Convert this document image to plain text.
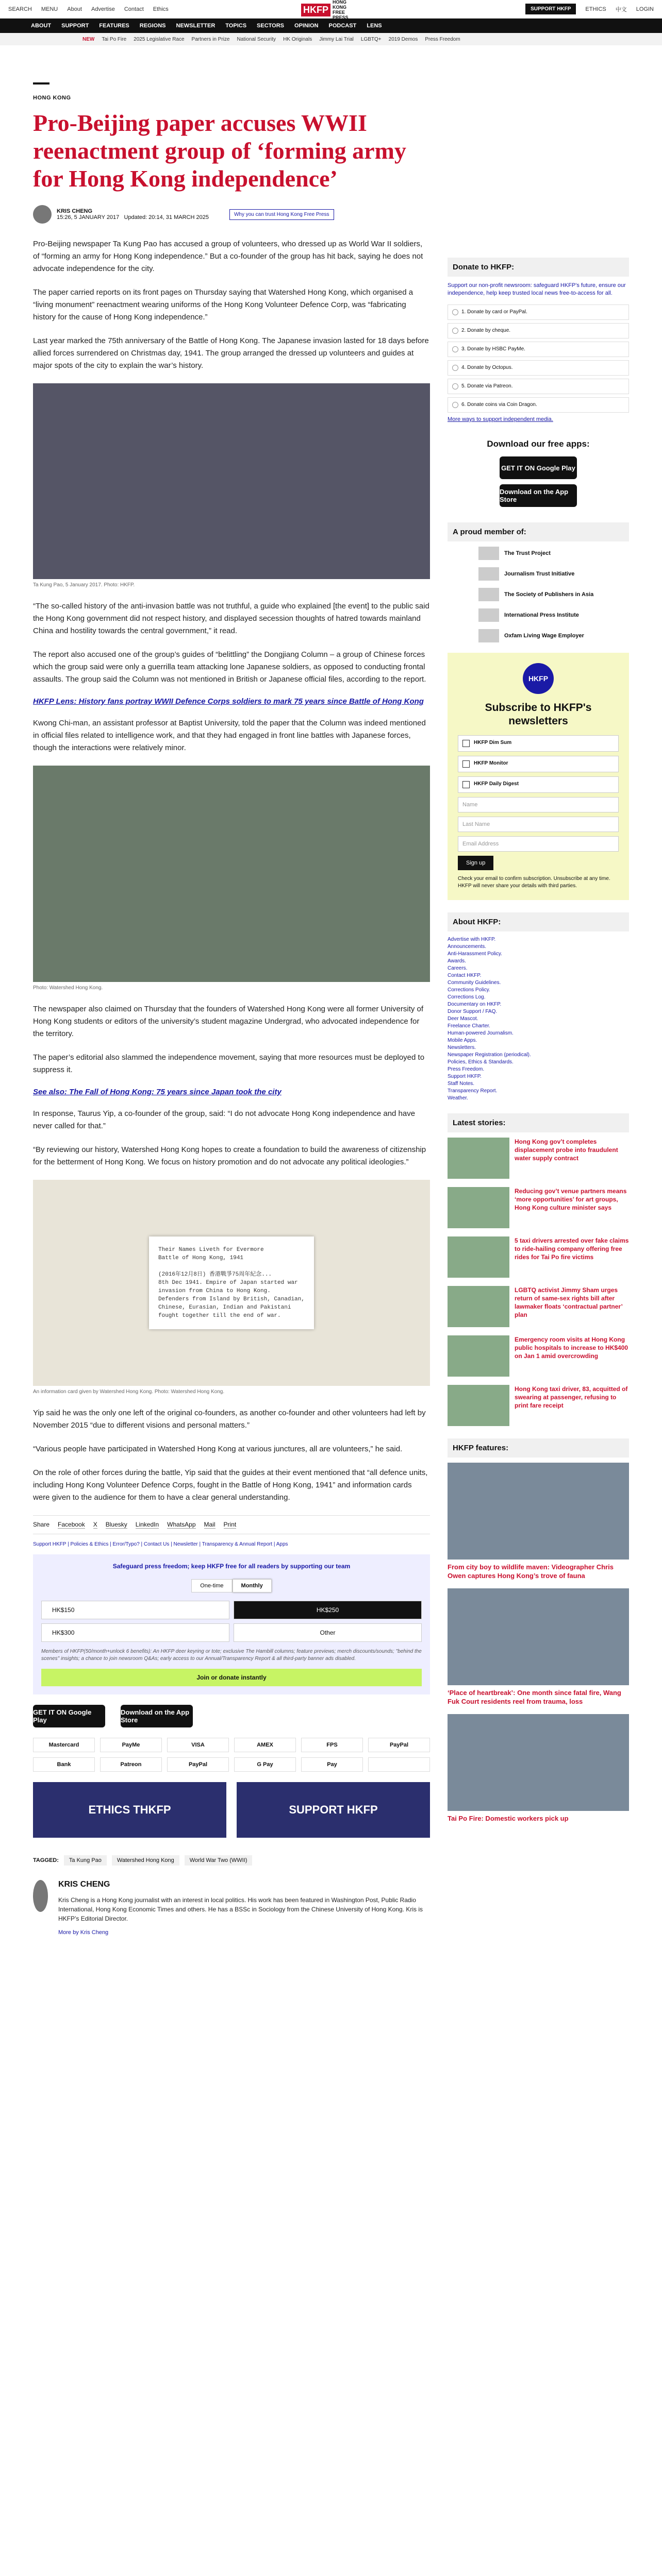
SEARCH MENU About Advertise Contact Ethics	SUPPORT HKFP	ETHICS 中文 LOGIN
HKFP
HONG KONG
FREE PRESS
ABOUT SUPPORT FEATURES REGIONS NEWSLETTER TOPICS SECTORS OPINION PODCAST LENS
NEW Tai Po Fire 2025 Legislative Race Partners in Prize National Security HK Originals Jimmy Lai Trial LGBTQ+ 2019 Demos Press Freedom
HONG KONG
Pro-Beijing paper accuses WWII reenactment group of ‘forming army for Hong Kong independence’
KRIS CHENG
15:26, 5 JANUARY 2017 Updated: 20:14, 31 MARCH 2025	Why you can trust Hong Kong Free Press

Pro-Beijing newspaper Ta Kung Pao has accused a group of volunteers, who dressed up as World War II soldiers, of “forming an army for Hong Kong independence.” But a co-founder of the group has hit back, saying he does not advocate independence for the city.

The paper carried reports on its front pages on Thursday saying that Watershed Hong Kong, which organised a “living monument” reenactment wearing uniforms of the Hong Kong Volunteer Defence Corp, was “fabricating history for the cause of Hong Kong independence.”

Last year marked the 75th anniversary of the Battle of Hong Kong. The Japanese invasion lasted for 18 days before allied forces surrendered on Christmas day, 1941. The group arranged the dressed up volunteers and guides at major spots of the city to explain the war’s history.

Ta Kung Pao, 5 January 2017. Photo: HKFP.

“The so-called history of the anti-invasion battle was not truthful, a guide who explained [the event] to the public said the Hong Kong government did not respect history, and displayed secession thoughts of hatred towards mainland China and hostility towards the central government,” it read.

The report also accused one of the group’s guides of “belittling” the Dongjiang Column – a group of Chinese forces which the group said were only a guerrilla team attacking lone Japanese soldiers, as opposed to conducting frontal assaults. The group said the Column was not mentioned in British or Japanese official files, according to the report.

HKFP Lens: History fans portray WWII Defence Corps soldiers to mark 75 years since Battle of Hong Kong

Kwong Chi-man, an assistant professor at Baptist University, told the paper that the Column was indeed mentioned in official files related to intelligence work, and that they had engaged in front line battles with Japanese forces, though the interactions were relatively minor.

Photo: Watershed Hong Kong.

The newspaper also claimed on Thursday that the founders of Watershed Hong Kong were all former University of Hong Kong students or editors of the university’s student magazine Undergrad, who advocated independence for the territory.

The paper’s editorial also slammed the independence movement, saying that more resources must be deployed to suppress it.

See also: The Fall of Hong Kong: 75 years since Japan took the city

In response, Taurus Yip, a co-founder of the group, said: “I do not advocate Hong Kong independence and have never called for that.”

“By reviewing our history, Watershed Hong Kong hopes to create a foundation to build the awareness of citizenship for the betterment of Hong Kong. We focus on history promotion and do not advocate any political ideologies.”

Their Names Liveth for Evermore
Battle of Hong Kong, 1941

(2016年12月8日) 香港戰爭75周年紀念...
8th Dec 1941. Empire of Japan started war
invasion from China to Hong Kong.
Defenders from Island by British, Canadian,
Chinese, Eurasian, Indian and Pakistani
fought together till the end of war.
An information card given by Watershed Hong Kong. Photo: Watershed Hong Kong.

Yip said he was the only one left of the original co-founders, as another co-founder and other volunteers had left by November 2015 “due to different visions and personal matters.”

“Various people have participated in Watershed Hong Kong at various junctures, all are volunteers,” he said.

On the role of other forces during the battle, Yip said that the guides at their event mentioned that “all defence units, including Hong Kong Volunteer Defence Corps, fought in the Battle of Hong Kong, 1941” and information cards were given to the audience for them to have a clear general understanding.

Share Facebook X Bluesky LinkedIn WhatsApp Mail Print
Support HKFP | Policies & Ethics | Error/Typo? | Contact Us | Newsletter | Transparency & Annual Report | Apps
Safeguard press freedom; keep HKFP free for all readers by supporting our team
One-time	Monthly
HK$150	HK$250
HK$300	Other
Members of HKFP(50/month+unlock 6 benefits): An HKFP deer keyring or tote; exclusive The Hambill columns; feature previews; merch discounts/sounds; "behind the scenes" insights; a chance to join newsroom Q&As; early access to our Annual/Transparency Report & all third-party banner ads disabled.
Join or donate instantly
GET IT ON Google Play
Download on the App Store
Mastercard	PayMe	VISA	AMEX	FPS	PayPal
Bank	Patreon	PayPal	G Pay	Pay
ETHICS THKFP	SUPPORT HKFP
TAGGED:	Ta Kung Pao	Watershed Hong Kong	World War Two (WWII)
KRIS CHENG

Kris Cheng is a Hong Kong journalist with an interest in local politics. His work has been featured in Washington Post, Public Radio International, Hong Kong Economic Times and others. He has a BSSc in Sociology from the Chinese University of Hong Kong. Kris is HKFP’s Editorial Director.

More by Kris Cheng
Donate to HKFP:
Support our non-profit newsroom: safeguard HKFP's future, ensure our independence, help keep trusted local news free-to-access for all.
1. Donate by card or PayPal.
2. Donate by cheque.
3. Donate by HSBC PayMe.
4. Donate by Octopus.
5. Donate via Patreon.
6. Donate coins via Coin Dragon.
More ways to support independent media.
Download our free apps:
GET IT ON Google Play
Download on the App Store
A proud member of:
The Trust Project
Journalism Trust Initiative
The Society of Publishers in Asia
International Press Institute
Oxfam Living Wage Employer
HKFP
Subscribe to HKFP's newsletters
HKFP Dim Sum
HKFP Monitor
HKFP Daily Digest
Name
Last Name
Email Address
Sign up
Check your email to confirm subscription. Unsubscribe at any time. HKFP will never share your details with third parties.
About HKFP:
Advertise with HKFP.
Announcements.
Anti-Harassment Policy.
Awards.
Careers.
Contact HKFP.
Community Guidelines.
Corrections Policy.
Corrections Log.
Documentary on HKFP.
Donor Support / FAQ.
Deer Mascot.
Freelance Charter.
Human-powered Journalism.
Mobile Apps.
Newsletters.
Newspaper Registration (periodical).
Policies, Ethics & Standards.
Press Freedom.
Support HKFP.
Staff Notes.
Transparency Report.
Weather.
Latest stories:
Hong Kong gov’t completes displacement probe into fraudulent water supply contract
Reducing gov’t venue partners means ‘more opportunities’ for art groups, Hong Kong culture minister says
5 taxi drivers arrested over fake claims to ride-hailing company offering free rides for Tai Po fire victims
LGBTQ activist Jimmy Sham urges return of same-sex rights bill after lawmaker floats ‘contractual partner’ plan
Emergency room visits at Hong Kong public hospitals to increase to HK$400 on Jan 1 amid overcrowding
Hong Kong taxi driver, 83, acquitted of swearing at passenger, refusing to print fare receipt
HKFP features:
From city boy to wildlife maven: Videographer Chris Owen captures Hong Kong’s trove of fauna
‘Place of heartbreak’: One month since fatal fire, Wang Fuk Court residents reel from trauma, loss
Tai Po Fire: Domestic workers pick up
